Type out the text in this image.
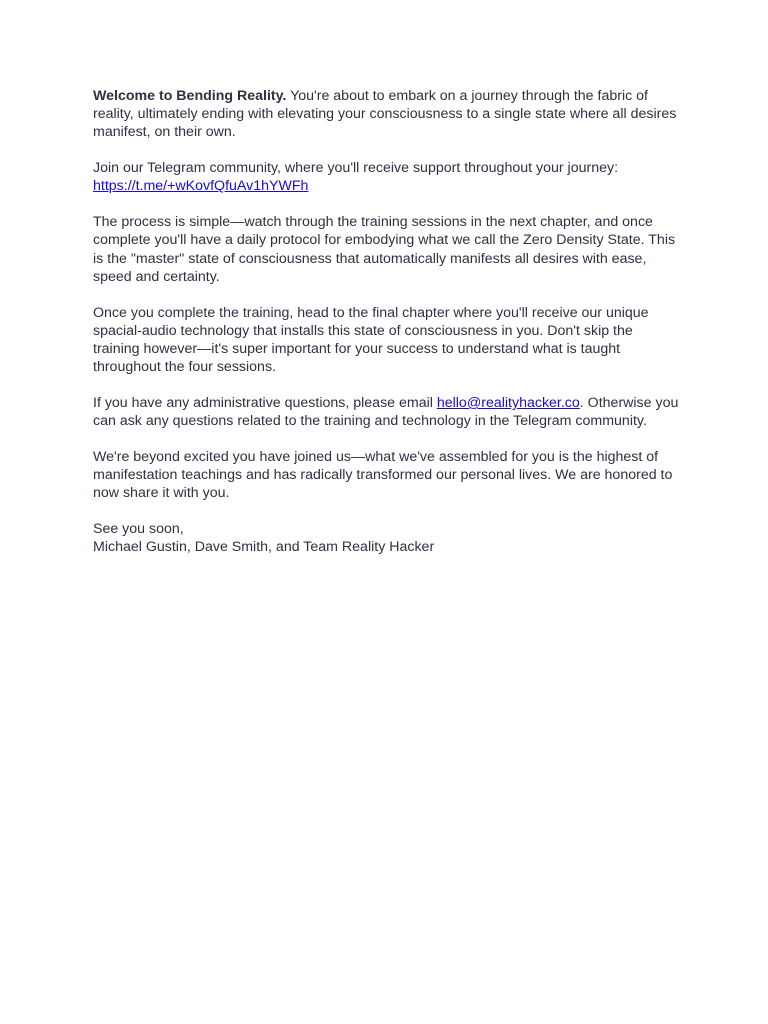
Welcome to Bending Reality. You're about to embark on a journey through the fabric of reality, ultimately ending with elevating your consciousness to a single state where all desires manifest, on their own.

Join our Telegram community, where you'll receive support throughout your journey: https://t.me/+wKovfQfuAv1hYWFh

The process is simple—watch through the training sessions in the next chapter, and once complete you'll have a daily protocol for embodying what we call the Zero Density State. This is the "master" state of consciousness that automatically manifests all desires with ease, speed and certainty.

Once you complete the training, head to the final chapter where you'll receive our unique spacial-audio technology that installs this state of consciousness in you. Don't skip the training however—it's super important for your success to understand what is taught throughout the four sessions.

If you have any administrative questions, please email hello@realityhacker.co. Otherwise you can ask any questions related to the training and technology in the Telegram community.

We're beyond excited you have joined us—what we've assembled for you is the highest of manifestation teachings and has radically transformed our personal lives. We are honored to now share it with you.

See you soon,
Michael Gustin, Dave Smith, and Team Reality Hacker
